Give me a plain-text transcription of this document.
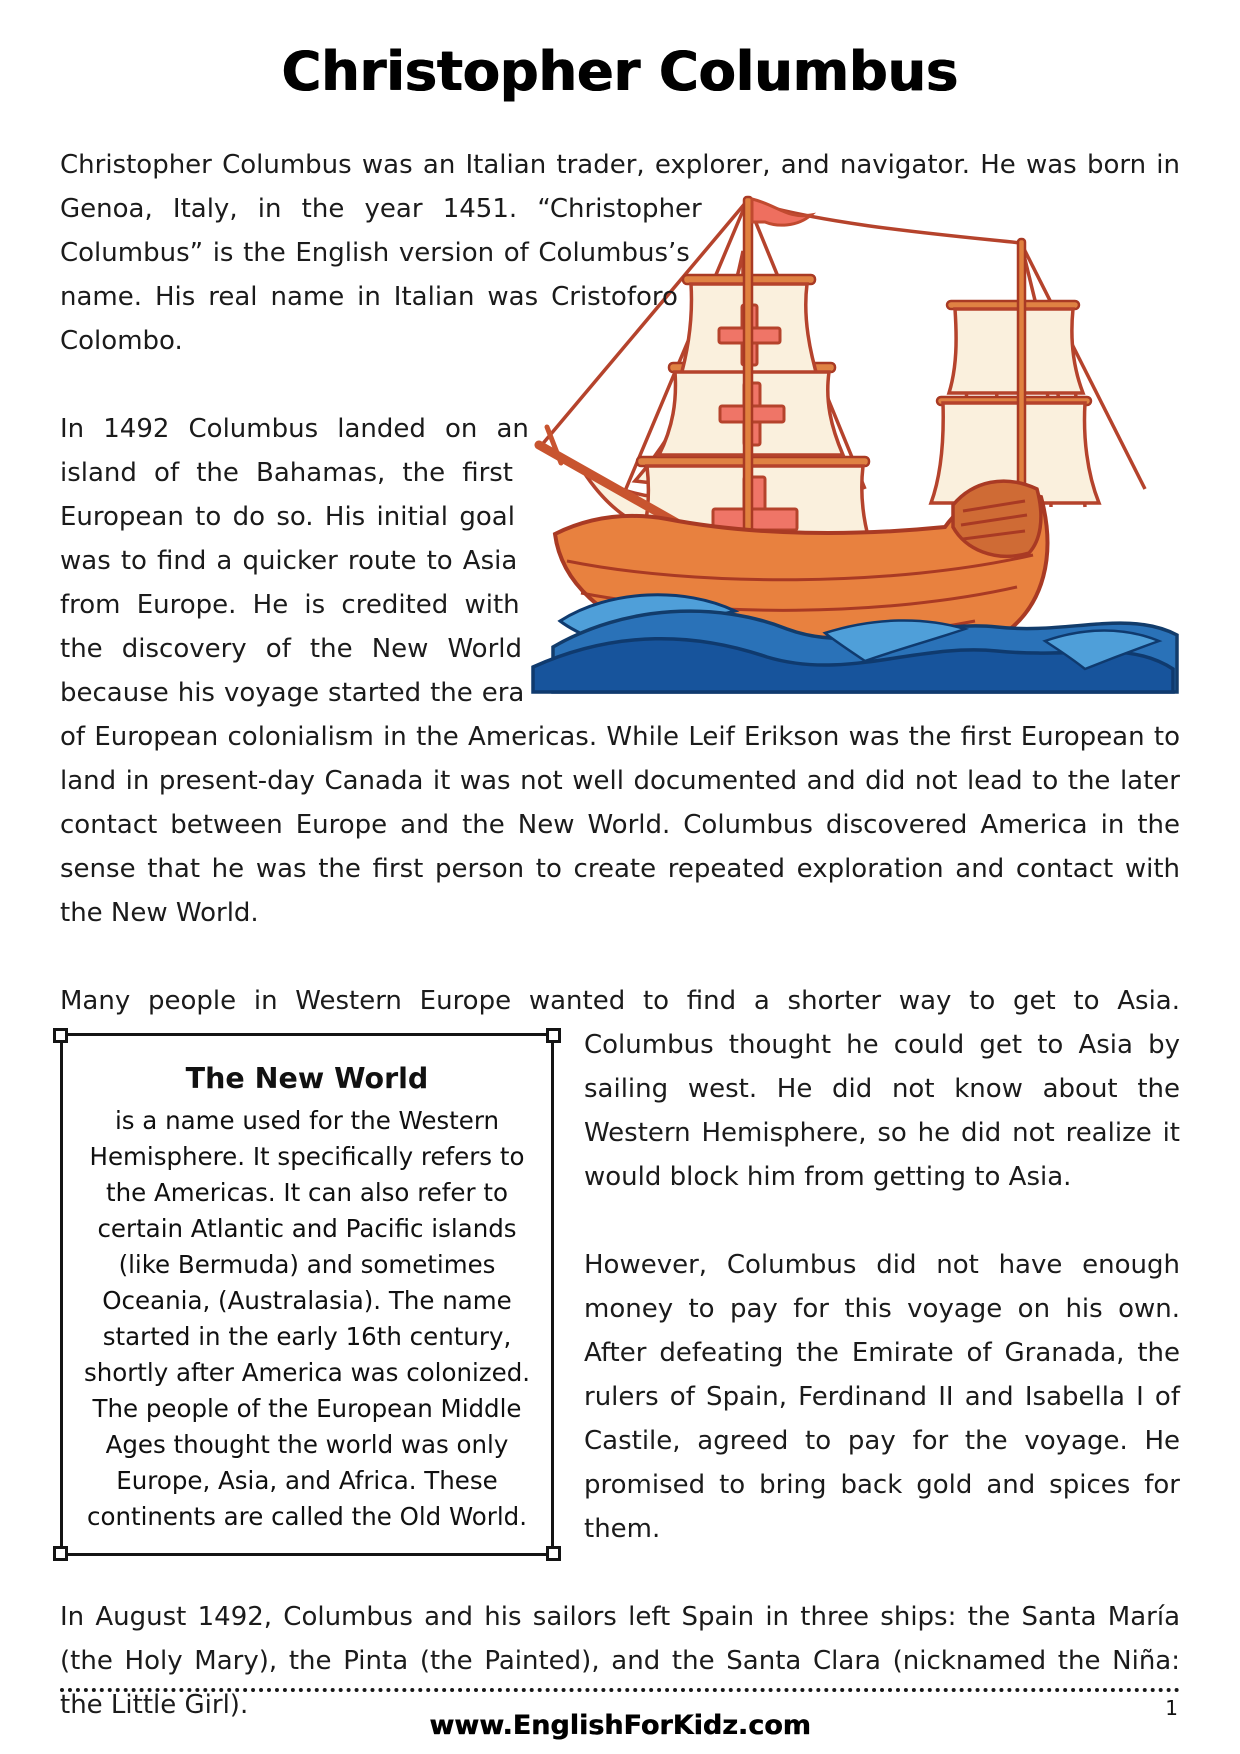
Christopher Columbus

Christopher Columbus was an Italian trader, explorer, and navigator. He was born in Genoa, Italy, in the year 1451. “Christopher Columbus” is the English version of Columbus’s name. His real name in Italian was Cristoforo Colombo.

In 1492 Columbus landed on an island of the Bahamas, the first European to do so. His initial goal was to find a quicker route to Asia from Europe. He is credited with the discovery of the New World because his voyage started the era of European colonialism in the Americas. While Leif Erikson was the first European to land in present-day Canada it was not well documented and did not lead to the later contact between Europe and the New World. Columbus discovered America in the sense that he was the first person to create repeated exploration and contact with the New World.

The New World

is a name used for the Western Hemisphere. It specifically refers to the Americas. It can also refer to certain Atlantic and Pacific islands (like Bermuda) and sometimes Oceania, (Australasia). The name started in the early 16th century, shortly after America was colonized. The people of the European Middle Ages thought the world was only Europe, Asia, and Africa. These continents are called the Old World.

Many people in Western Europe wanted to find a shorter way to get to Asia. Columbus thought he could get to Asia by sailing west. He did not know about the Western Hemisphere, so he did not realize it would block him from getting to Asia.

However, Columbus did not have enough money to pay for this voyage on his own. After defeating the Emirate of Granada, the rulers of Spain, Ferdinand II and Isabella I of Castile, agreed to pay for the voyage. He promised to bring back gold and spices for them.

In August 1492, Columbus and his sailors left Spain in three ships: the Santa María (the Holy Mary), the Pinta (the Painted), and the Santa Clara (nicknamed the Niña: the Little Girl).	1
www.EnglishForKidz.com
